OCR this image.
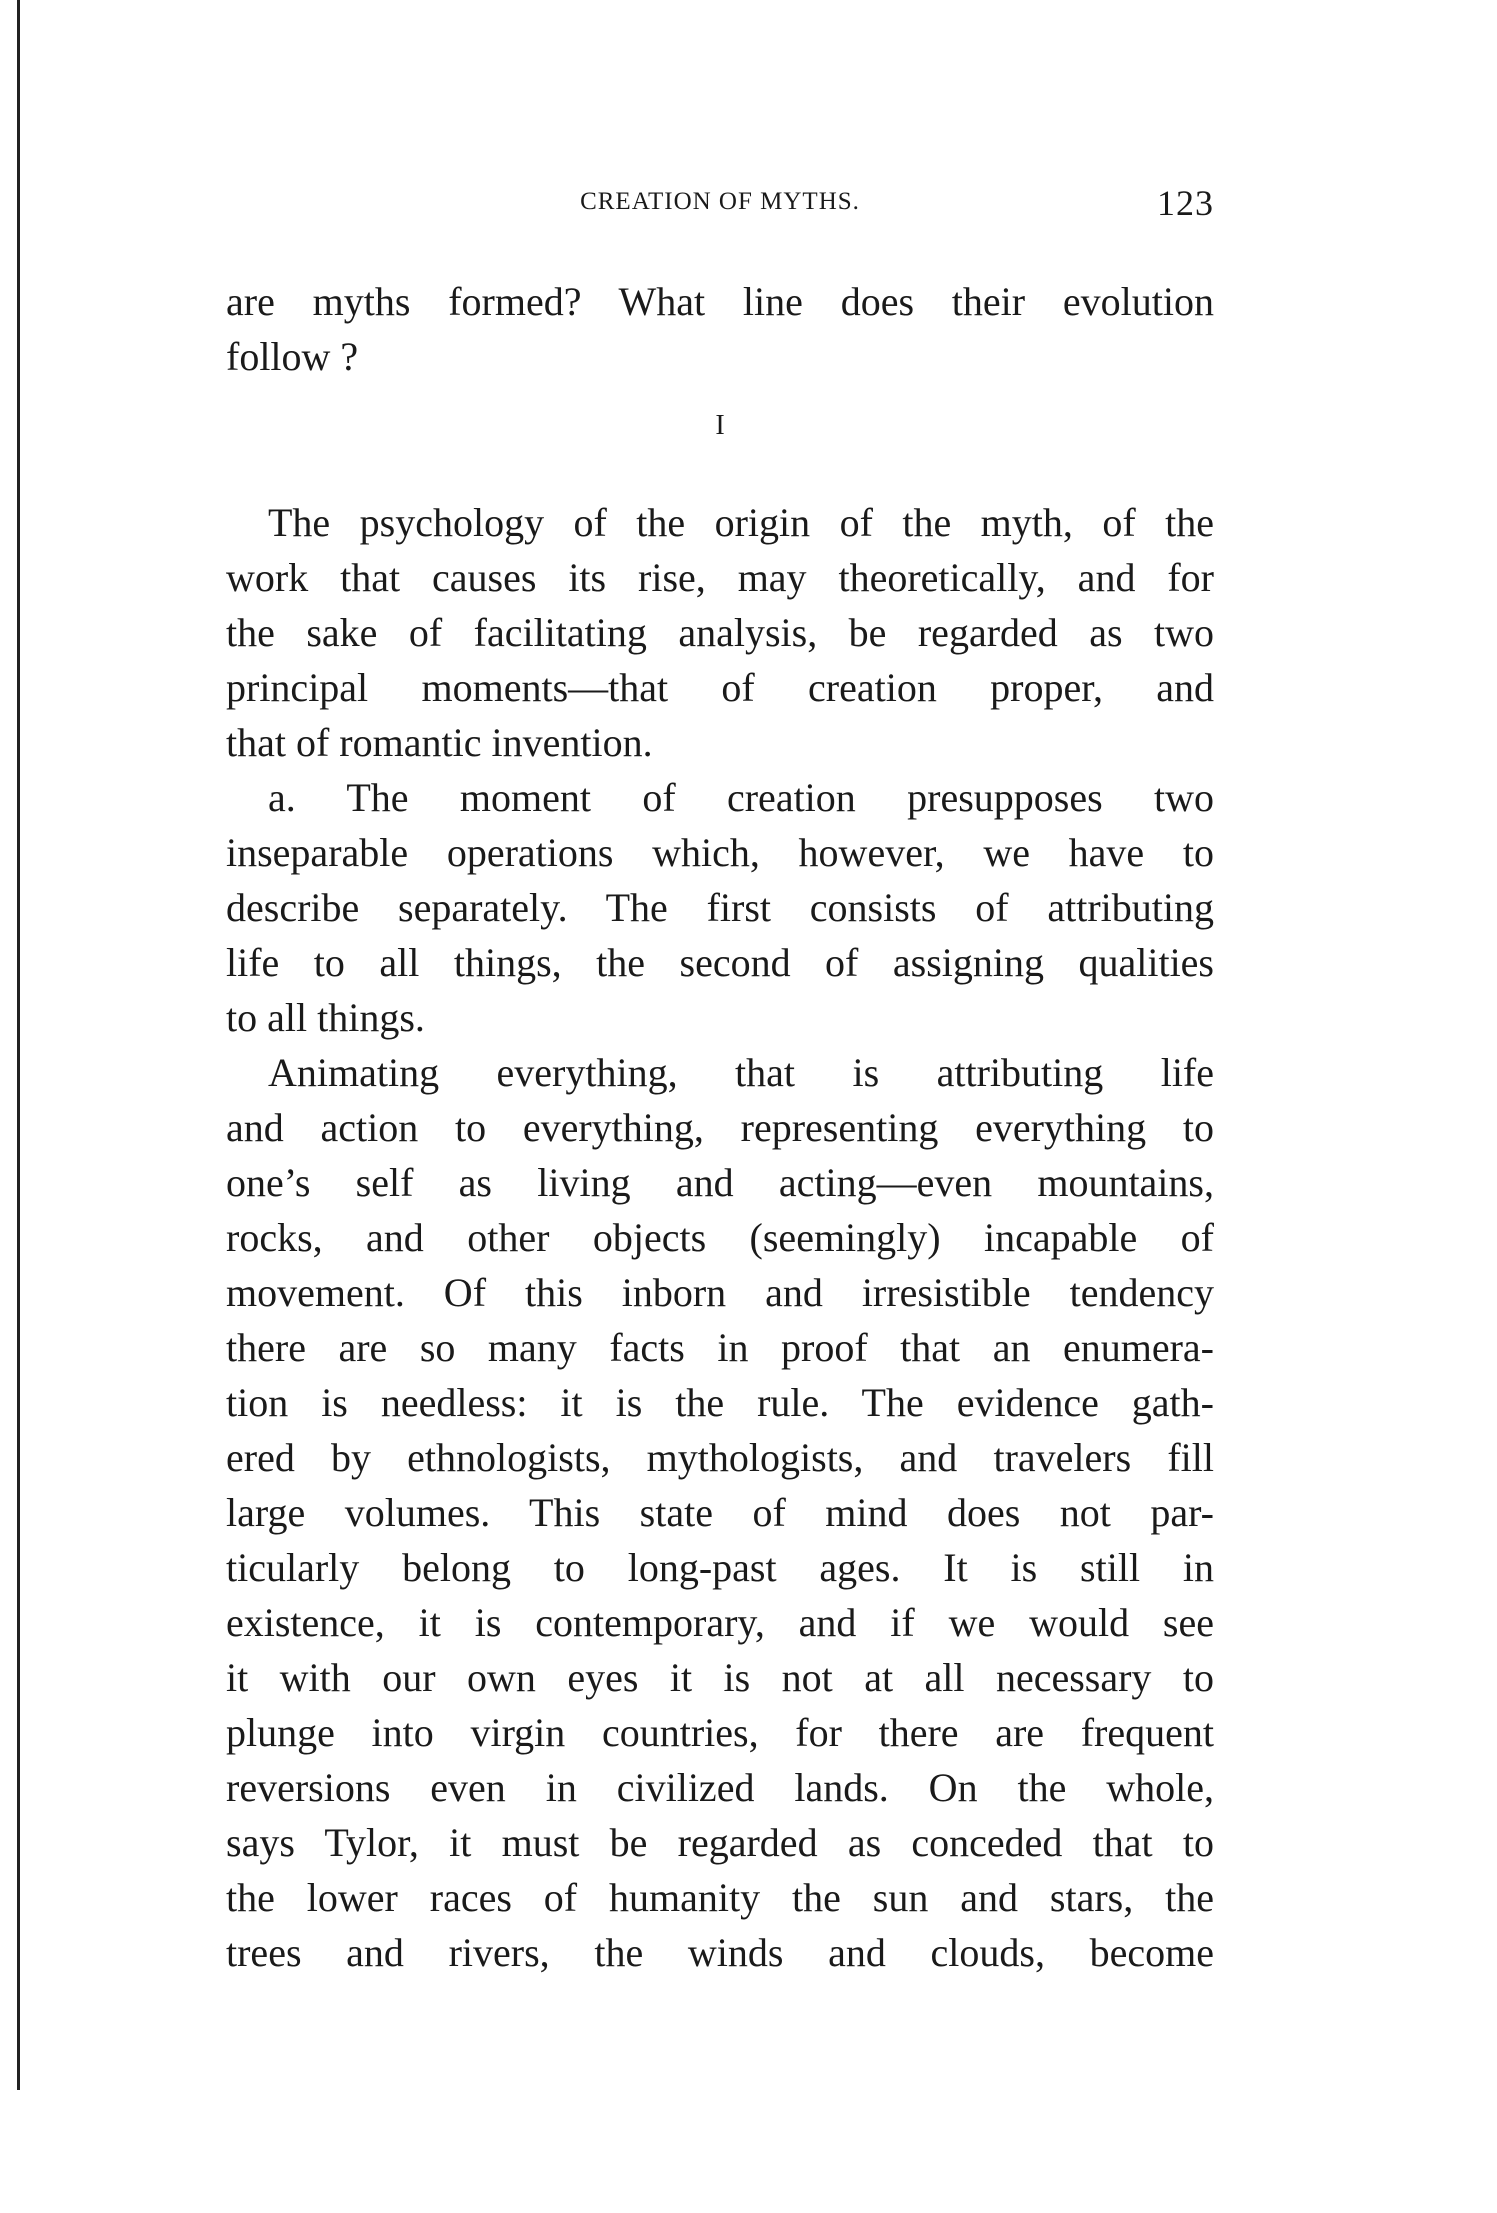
CREATION OF MYTHS.	123
are myths formed? What line does their evolution
follow ?
I
The psychology of the origin of the myth, of the
work that causes its rise, may theoretically, and for
the sake of facilitating analysis, be regarded as two
principal moments—that of creation proper, and
that of romantic invention.
a. The moment of creation presupposes two
inseparable operations which, however, we have to
describe separately. The first consists of attributing
life to all things, the second of assigning qualities
to all things.
Animating everything, that is attributing life
and action to everything, representing everything to
one’s self as living and acting—even mountains,
rocks, and other objects (seemingly) incapable of
movement. Of this inborn and irresistible tendency
there are so many facts in proof that an enumera-
tion is needless: it is the rule. The evidence gath-
ered by ethnologists, mythologists, and travelers fill
large volumes. This state of mind does not par-
ticularly belong to long-past ages. It is still in
existence, it is contemporary, and if we would see
it with our own eyes it is not at all necessary to
plunge into virgin countries, for there are frequent
reversions even in civilized lands. On the whole,
says Tylor, it must be regarded as conceded that to
the lower races of humanity the sun and stars, the
trees and rivers, the winds and clouds, become
